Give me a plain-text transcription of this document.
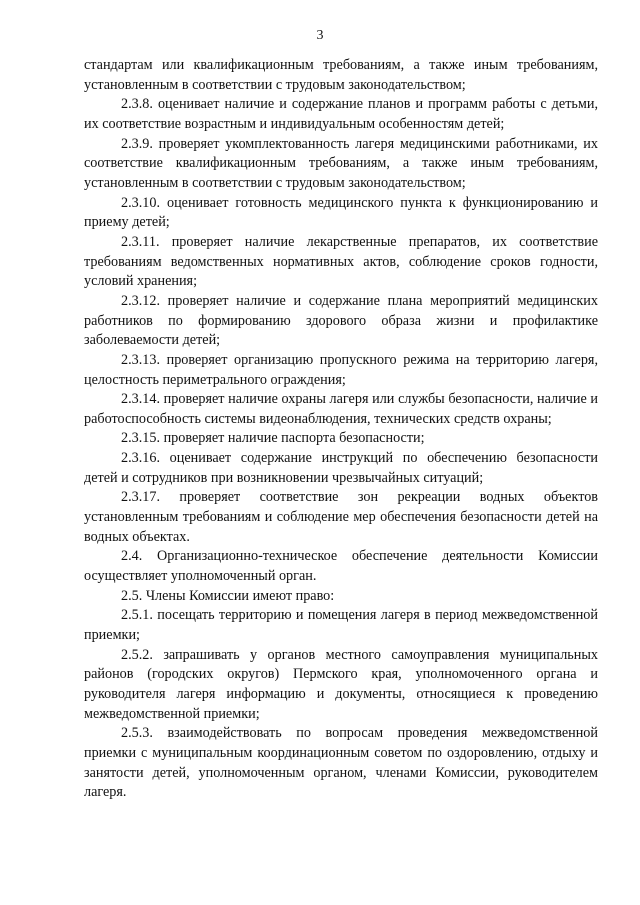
3

стандартам или квалификационным требованиям, а также иным требованиям, установленным в соответствии с трудовым законодательством;

2.3.8. оценивает наличие и содержание планов и программ работы с детьми, их соответствие возрастным и индивидуальным особенностям детей;

2.3.9. проверяет укомплектованность лагеря медицинскими работниками, их соответствие квалификационным требованиям, а также иным требованиям, установленным в соответствии с трудовым законодательством;

2.3.10. оценивает готовность медицинского пункта к функционированию и приему детей;

2.3.11. проверяет наличие лекарственные препаратов, их соответствие требованиям ведомственных нормативных актов, соблюдение сроков годности, условий хранения;

2.3.12. проверяет наличие и содержание плана мероприятий медицинских работников по формированию здорового образа жизни и профилактике заболеваемости детей;

2.3.13. проверяет организацию пропускного режима на территорию лагеря, целостность периметрального ограждения;

2.3.14. проверяет наличие охраны лагеря или службы безопасности, наличие и работоспособность системы видеонаблюдения, технических средств охраны;

2.3.15. проверяет наличие паспорта безопасности;

2.3.16. оценивает содержание инструкций по обеспечению безопасности детей и сотрудников при возникновении чрезвычайных ситуаций;

2.3.17. проверяет соответствие зон рекреации водных объектов установленным требованиям и соблюдение мер обеспечения безопасности детей на водных объектах.

2.4. Организационно-техническое обеспечение деятельности Комиссии осуществляет уполномоченный орган.

2.5. Члены Комиссии имеют право:

2.5.1. посещать территорию и помещения лагеря в период межведомственной приемки;

2.5.2. запрашивать у органов местного самоуправления муниципальных районов (городских округов) Пермского края, уполномоченного органа и руководителя лагеря информацию и документы, относящиеся к проведению межведомственной приемки;

2.5.3. взаимодействовать по вопросам проведения межведомственной приемки с муниципальным координационным советом по оздоровлению, отдыху и занятости детей, уполномоченным органом, членами Комиссии, руководителем лагеря.
